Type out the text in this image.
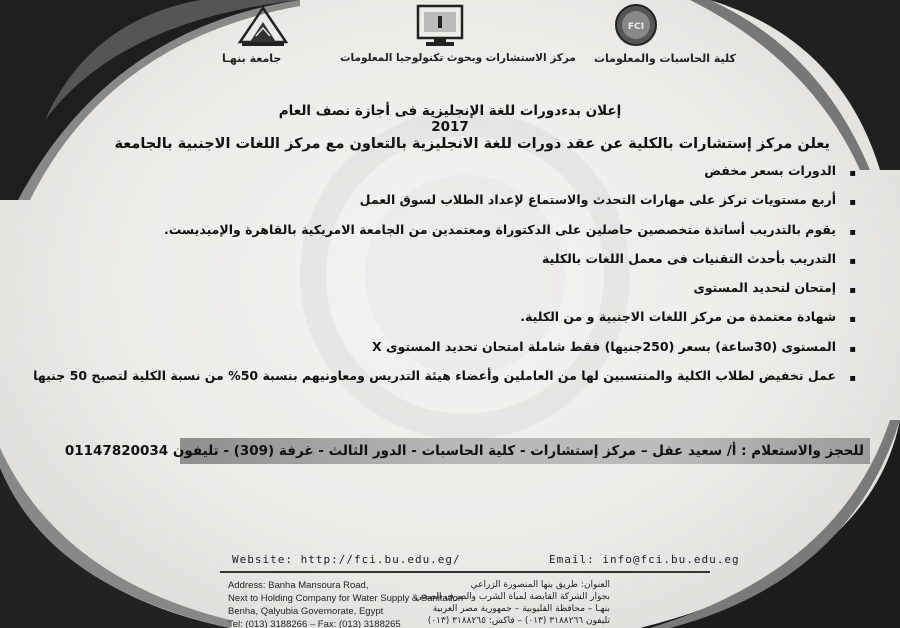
جامعة بنهـا	مركز الاستشارات وبحوث تكنولوجيا المعلومات
FCI
كلية الحاسبات والمعلومات
إعلان بدءدورات للغة الإنجليزية فى أجازة نصف العام 2017
يعلن مركز إستشارات بالكلية عن عقد دورات للغة الانجليزية بالتعاون مع مركز اللغات الاجنبية بالجامعة
▪
الدورات بسعر مخفض
▪
أربع مستويات تركز على مهارات التحدث والاستماع لإعداد الطلاب لسوق العمل
▪
يقوم بالتدريب أساتذة متخصصين حاصلين على الدكتوراة ومعتمدين من الجامعة الامريكية بالقاهرة والإميديست.
▪
التدريب بأحدث التقنيات فى معمل اللغات بالكلية
▪
إمتحان لتحديد المستوى
▪
شهادة معتمدة من مركز اللغات الاجنبية و من الكلية.
▪
المستوى (30ساعة) بسعر (250جنيها) فقط شاملة امتحان تحديد المستوى X
▪
عمل تخفيض لطلاب الكلية والمنتسبين لها من العاملين وأعضاء هيئة التدريس ومعاونيهم بنسبة 50% من نسبة الكلية لتصبح 50 جنيها
للحجز والاستعلام : أ/ سعيد عقل – مركز إستشارات - كلية الحاسبات - الدور الثالث - غرفة (309) - تليفون 01147820034
Website: http://fci.bu.edu.eg/	Email: info@fci.bu.edu.eg
Address: Banha Mansoura Road,
Next to Holding Company for Water Supply & Sanitation
Benha, Qalyubia Governorate, Egypt
Tel: (013) 3188266 – Fax: (013) 3188265
العنوان: طريق بنها المنصورة الزراعي
بجوار الشركة القابضة لمياة الشرب والصرف الصحي
بنهـا – محافظة القليوبية – جمهورية مصر العربية
تليفون ٣١٨٨٢٦٦ (٠١٣) – فاكس: ٣١٨٨٢٦٥ (٠١٣)
